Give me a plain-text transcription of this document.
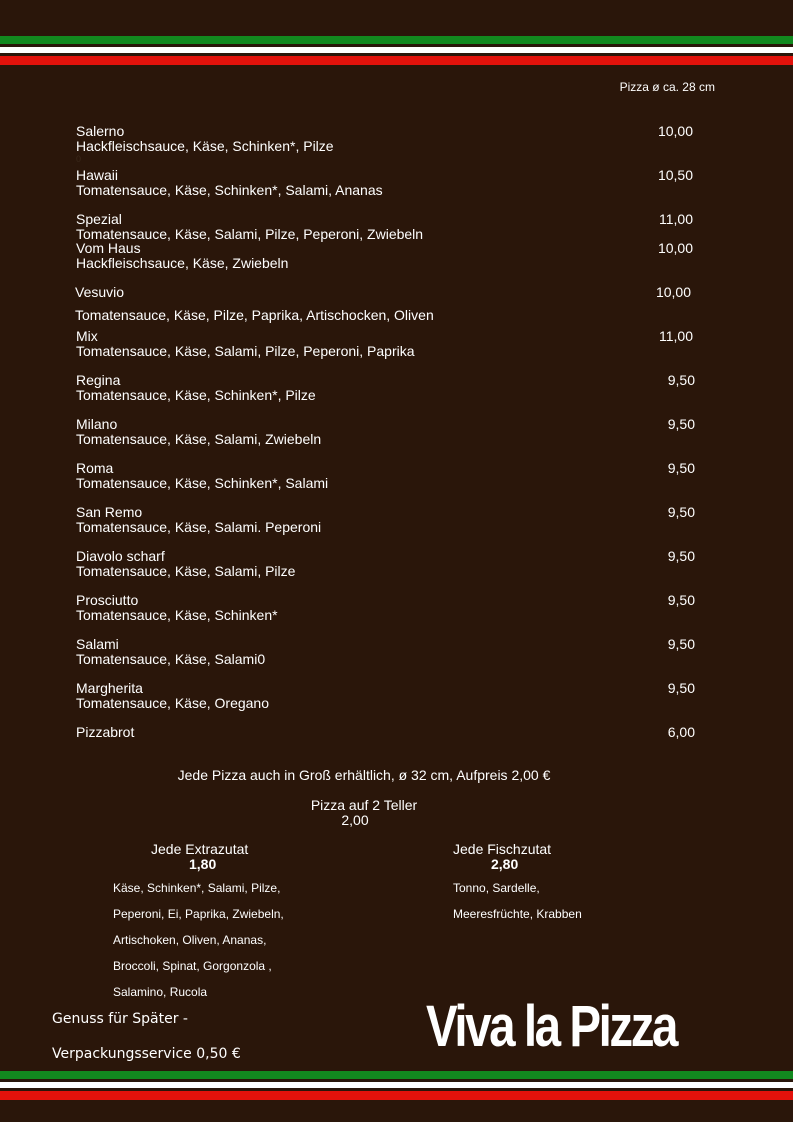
Pizza ø ca. 28 cm
0
Salerno
Hackfleischsauce, Käse, Schinken*, Pilze
10,00
Hawaii
Tomatensauce, Käse, Schinken*, Salami, Ananas
10,50
Spezial
Tomatensauce, Käse, Salami, Pilze, Peperoni, Zwiebeln
11,00
Vom Haus
Hackfleischsauce, Käse, Zwiebeln
10,00
Vesuvio
Tomatensauce, Käse, Pilze, Paprika, Artischocken, Oliven
10,00
Mix
Tomatensauce, Käse, Salami, Pilze, Peperoni, Paprika
11,00
Regina
Tomatensauce, Käse, Schinken*, Pilze
9,50
Milano
Tomatensauce, Käse, Salami, Zwiebeln
9,50
Roma
Tomatensauce, Käse, Schinken*, Salami
9,50
San Remo
Tomatensauce, Käse, Salami. Peperoni
9,50
Diavolo scharf
Tomatensauce, Käse, Salami, Pilze
9,50
Prosciutto
Tomatensauce, Käse, Schinken*
9,50
Salami
Tomatensauce, Käse, Salami0
9,50
Margherita
Tomatensauce, Käse, Oregano
9,50
Pizzabrot	6,00
Jede Pizza auch in Groß erhältlich, ø 32 cm, Aufpreis 2,00 €
Pizza auf 2 Teller
2,00
Jede Extrazutat
1,80
Käse, Schinken*, Salami, Pilze,
Peperoni, Ei, Paprika, Zwiebeln,
Artischoken, Oliven, Ananas,
Broccoli, Spinat, Gorgonzola ,
Salamino, Rucola
Jede Fischzutat
2,80
Tonno, Sardelle,
Meeresfrüchte, Krabben
Genuss für Später -
Verpackungsservice 0,50 €	Viva la Pizza
